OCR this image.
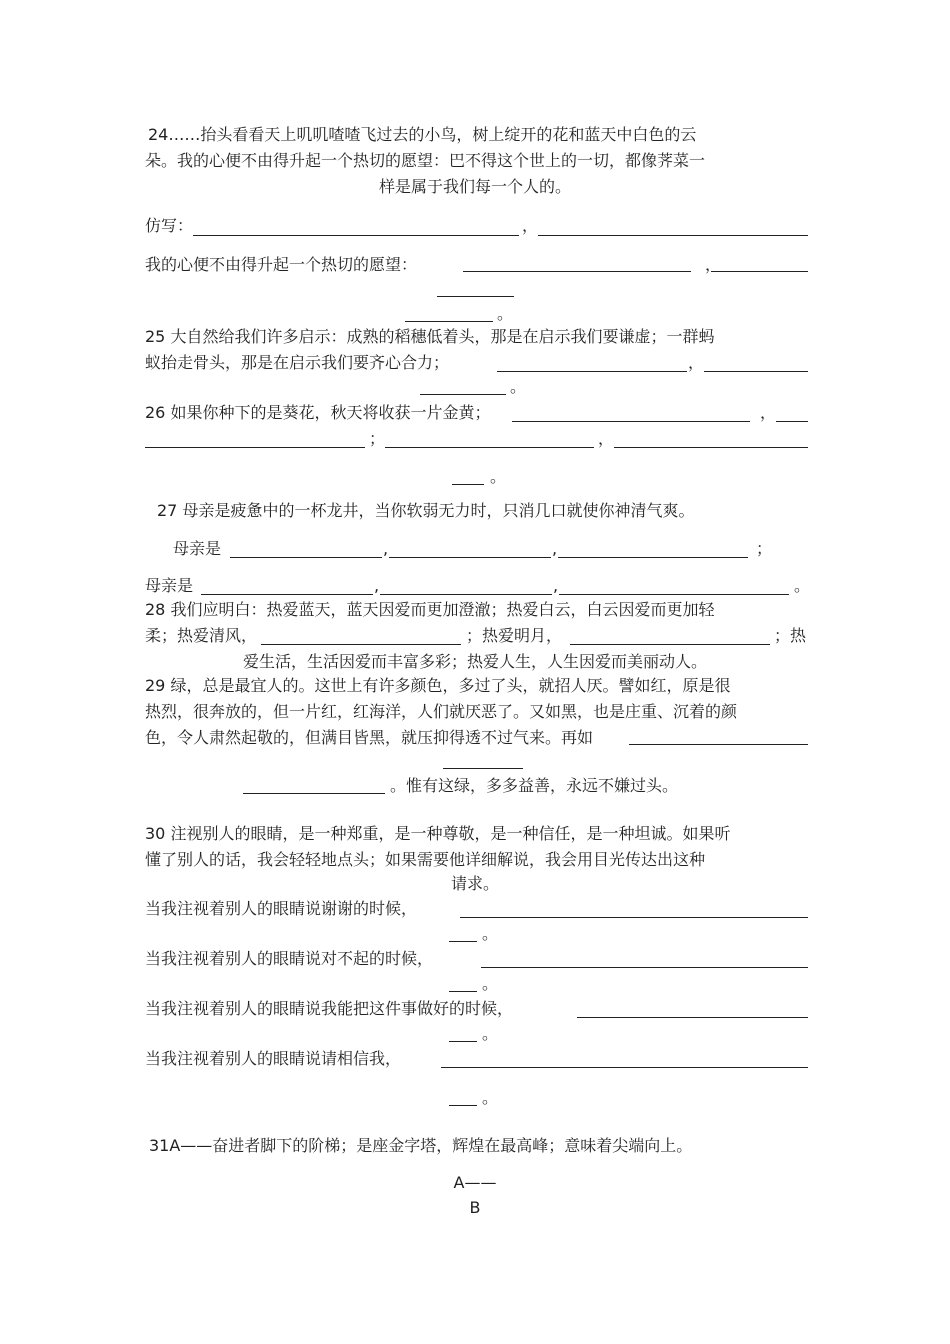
24……抬头看看天上叽叽喳喳飞过去的小鸟，树上绽开的花和蓝天中白色的云
朵。我的心便不由得升起一个热切的愿望：巴不得这个世上的一切，都像荠菜一
样是属于我们每一个人的。
仿写：	，
我的心便不由得升起一个热切的愿望：	，
。
25 大自然给我们许多启示：成熟的稻穗低着头，那是在启示我们要谦虚；一群蚂
蚁抬走骨头，那是在启示我们要齐心合力；	，
。
26 如果你种下的是葵花，秋天将收获一片金黄；	，
；	，
。
27 母亲是疲惫中的一杯龙井，当你软弱无力时，只消几口就使你神清气爽。
母亲是	,	,	；
母亲是	,	,	。
28 我们应明白：热爱蓝天，蓝天因爱而更加澄澈；热爱白云，白云因爱而更加轻
柔；热爱清风，	；热爱明月，	；热
爱生活，生活因爱而丰富多彩；热爱人生，人生因爱而美丽动人。
29 绿，总是最宜人的。这世上有许多颜色，多过了头，就招人厌。譬如红，原是很
热烈，很奔放的，但一片红，红海洋，人们就厌恶了。又如黑，也是庄重、沉着的颜
色，令人肃然起敬的，但满目皆黑，就压抑得透不过气来。再如
。惟有这绿，多多益善，永远不嫌过头。
30 注视别人的眼睛，是一种郑重，是一种尊敬，是一种信任，是一种坦诚。如果听
懂了别人的话，我会轻轻地点头；如果需要他详细解说，我会用目光传达出这种
请求。
当我注视着别人的眼睛说谢谢的时候，
。
当我注视着别人的眼睛说对不起的时候，
。
当我注视着别人的眼睛说我能把这件事做好的时候，
。
当我注视着别人的眼睛说请相信我，
。
31A——奋进者脚下的阶梯；是座金字塔，辉煌在最高峰；意味着尖端向上。
A——
B
